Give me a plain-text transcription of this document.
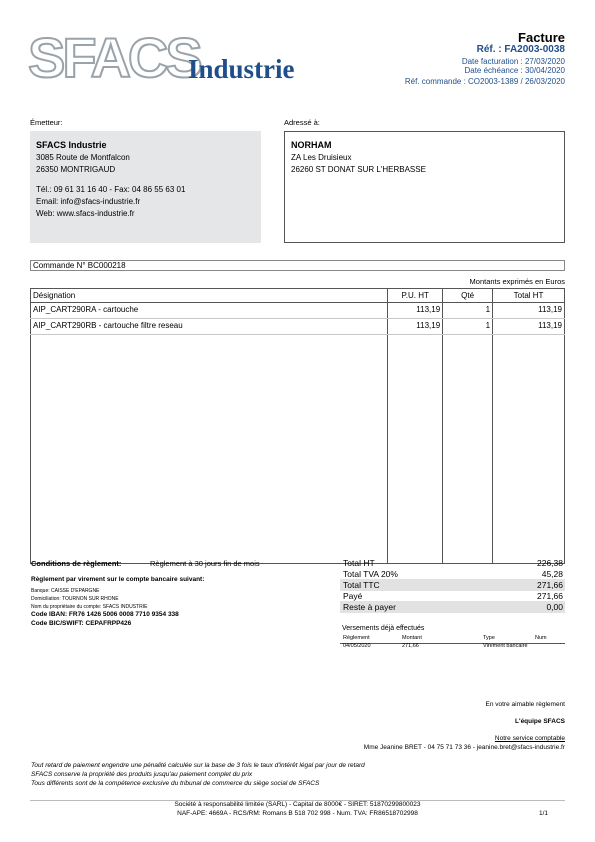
SFACS
Industrie
Facture
Réf. : FA2003-0038
Date facturation : 27/03/2020
Date échéance : 30/04/2020
Réf. commande : CO2003-1389 / 26/03/2020
Émetteur:	Adressé à:
SFACS Industrie
3085 Route de Montfalcon
26350 MONTRIGAUD
Tél.: 09 61 31 16 40 - Fax: 04 86 55 63 01
Email: info@sfacs-industrie.fr
Web: www.sfacs-industrie.fr
NORHAM
ZA Les Druisieux
26260 ST DONAT SUR L'HERBASSE
Commande N° BC000218
Montants exprimés en Euros
Désignation	P.U. HT	Qté	Total HT
AIP_CART290RA - cartouche	113,19	1	113,19
AIP_CART290RB - cartouche filtre reseau	113,19	1	113,19

Conditions de règlement:	Règlement à 30 jours fin de mois
Règlement par virement sur le compte bancaire suivant:
Banque: CAISSE D'EPARGNE
Domiciliation: TOURNON SUR RHONE
Nom du propriétaire du compte: SFACS INDUSTRIE
Code IBAN: FR76 1426 5006 0008 7710 9354 338
Code BIC/SWIFT: CEPAFRPP426
Total HT	226,38
Total TVA 20%	45,28
Total TTC	271,66
Payé	271,66
Reste à payer	0,00
Versements déjà effectués
Règlement	Montant	Type	Num
04/05/2020	271,66	Virement bancaire
En votre aimable règlement
L'équipe SFACS
Notre service comptable
Mme Jeanine BRET - 04 75 71 73 36 - jeanine.bret@sfacs-industrie.fr
Tout retard de paiement engendre une pénalité calculée sur la base de 3 fois le taux d'intérêt légal par jour de retard
SFACS conserve la propriété des produits jusqu'au paiement complet du prix
Tous différents sont de la compétence exclusive du tribunal de commerce du siège social de SFACS
Société à responsabilité limitée (SARL) - Capital de 8000€ - SIRET: 51870299800023
NAF-APE: 4669A - RCS/RM: Romans B 518 702 998 - Num. TVA: FR86518702998	1/1
